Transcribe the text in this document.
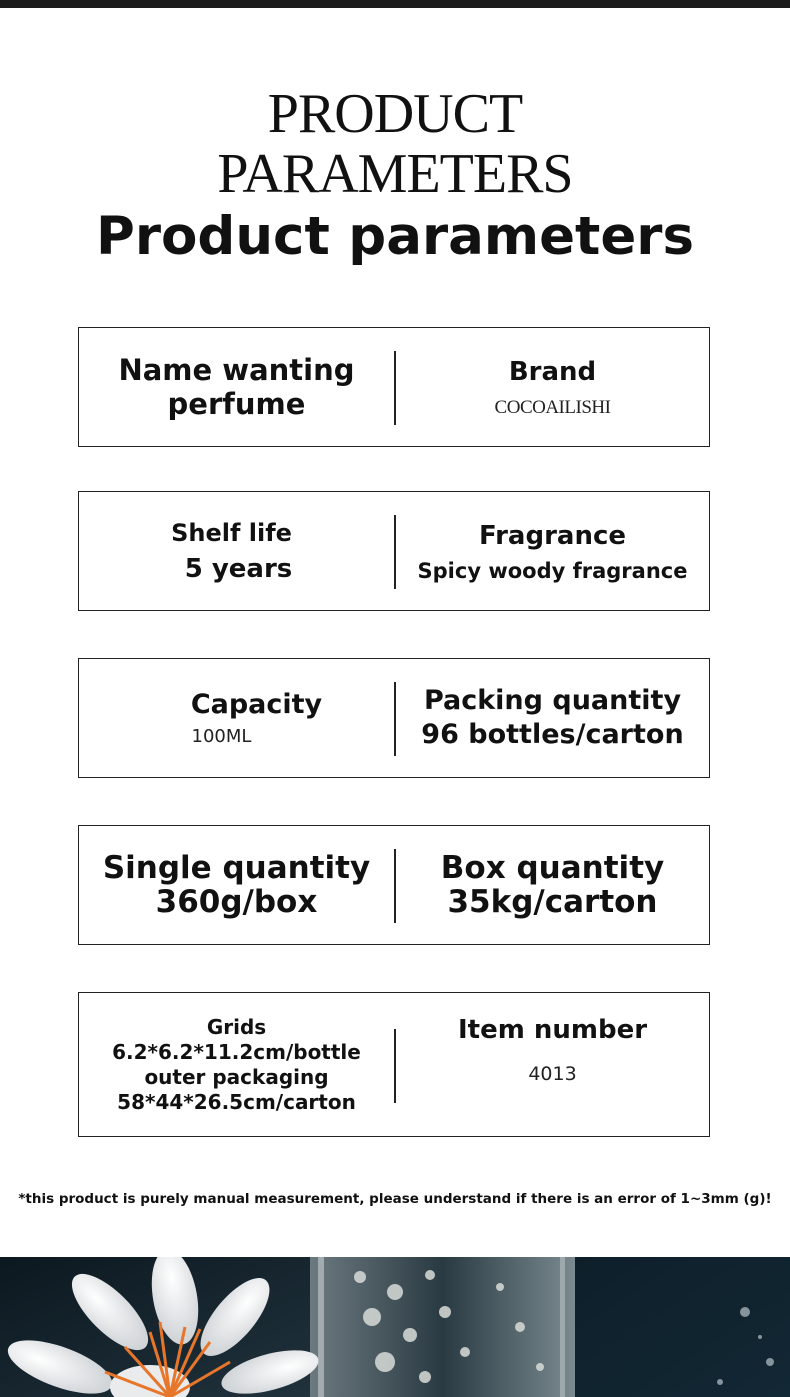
PRODUCT
PARAMETERS
Product parameters
Name wanting
perfume
Brand
COCOAILISHI
Shelf life
5 years
Fragrance
Spicy woody fragrance
Capacity
100ML
Packing quantity
96 bottles/carton
Single quantity
360g/box
Box quantity
35kg/carton
Grids
6.2*6.2*11.2cm/bottle
outer packaging
58*44*26.5cm/carton
Item number
4013
*this product is purely manual measurement, please understand if there is an error of 1~3mm (g)!
